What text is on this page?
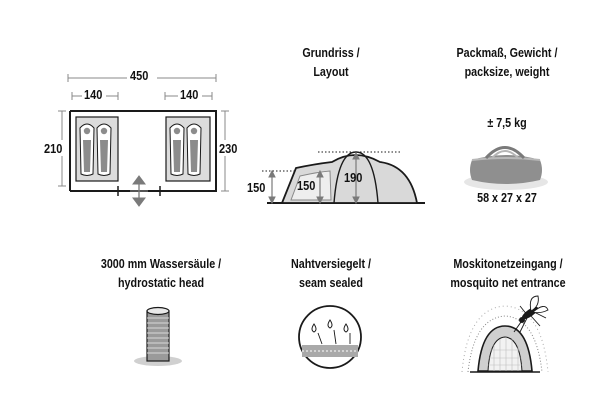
450
140	140
210	230
Grundriss /
Layout
150	150
190
Packmaß, Gewicht /
packsize, weight
± 7,5 kg
58 x 27 x 27
3000 mm Wassersäule /
hydrostatic head
Nahtversiegelt /
seam sealed
Moskitonetzeingang /
mosquito net entrance
